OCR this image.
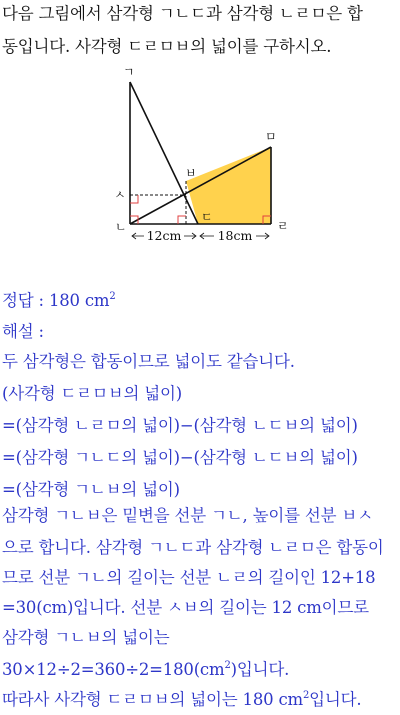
다음 그림에서 삼각형 ㄱㄴㄷ과 삼각형 ㄴㄹㅁ은 합
동입니다. 사각형 ㄷㄹㅁㅂ의 넓이를 구하시오.
ㄱ
ㅅ
ㄴ
ㅂ
ㄷ
ㅁ
ㄹ
12cm	18cm
정답 : 180 $cm^2$
해설 :
두 삼각형은 합동이므로 넓이도 같습니다.
(사각형 ㄷㄹㅁㅂ의 넓이)
=(삼각형 ㄴㄹㅁ의 넓이)−(삼각형 ㄴㄷㅂ의 넓이)
=(삼각형 ㄱㄴㄷ의 넓이)−(삼각형 ㄴㄷㅂ의 넓이)
=(삼각형 ㄱㄴㅂ의 넓이)
삼각형 ㄱㄴㅂ은 밑변을 선분 ㄱㄴ, 높이를 선분 ㅂㅅ
으로 합니다. 삼각형 ㄱㄴㄷ과 삼각형 ㄴㄹㅁ은 합동이
므로 선분 ㄱㄴ의 길이는 선분 ㄴㄹ의 길이인 12+18
=30(cm)입니다. 선분 ㅅㅂ의 길이는 12 cm이므로
삼각형 ㄱㄴㅂ의 넓이는
$30\times 12\div 2=360\div 2=180(cm^2)$입니다.
따라사 사각형 ㄷㄹㅁㅂ의 넓이는 180 $cm^2$입니다.
